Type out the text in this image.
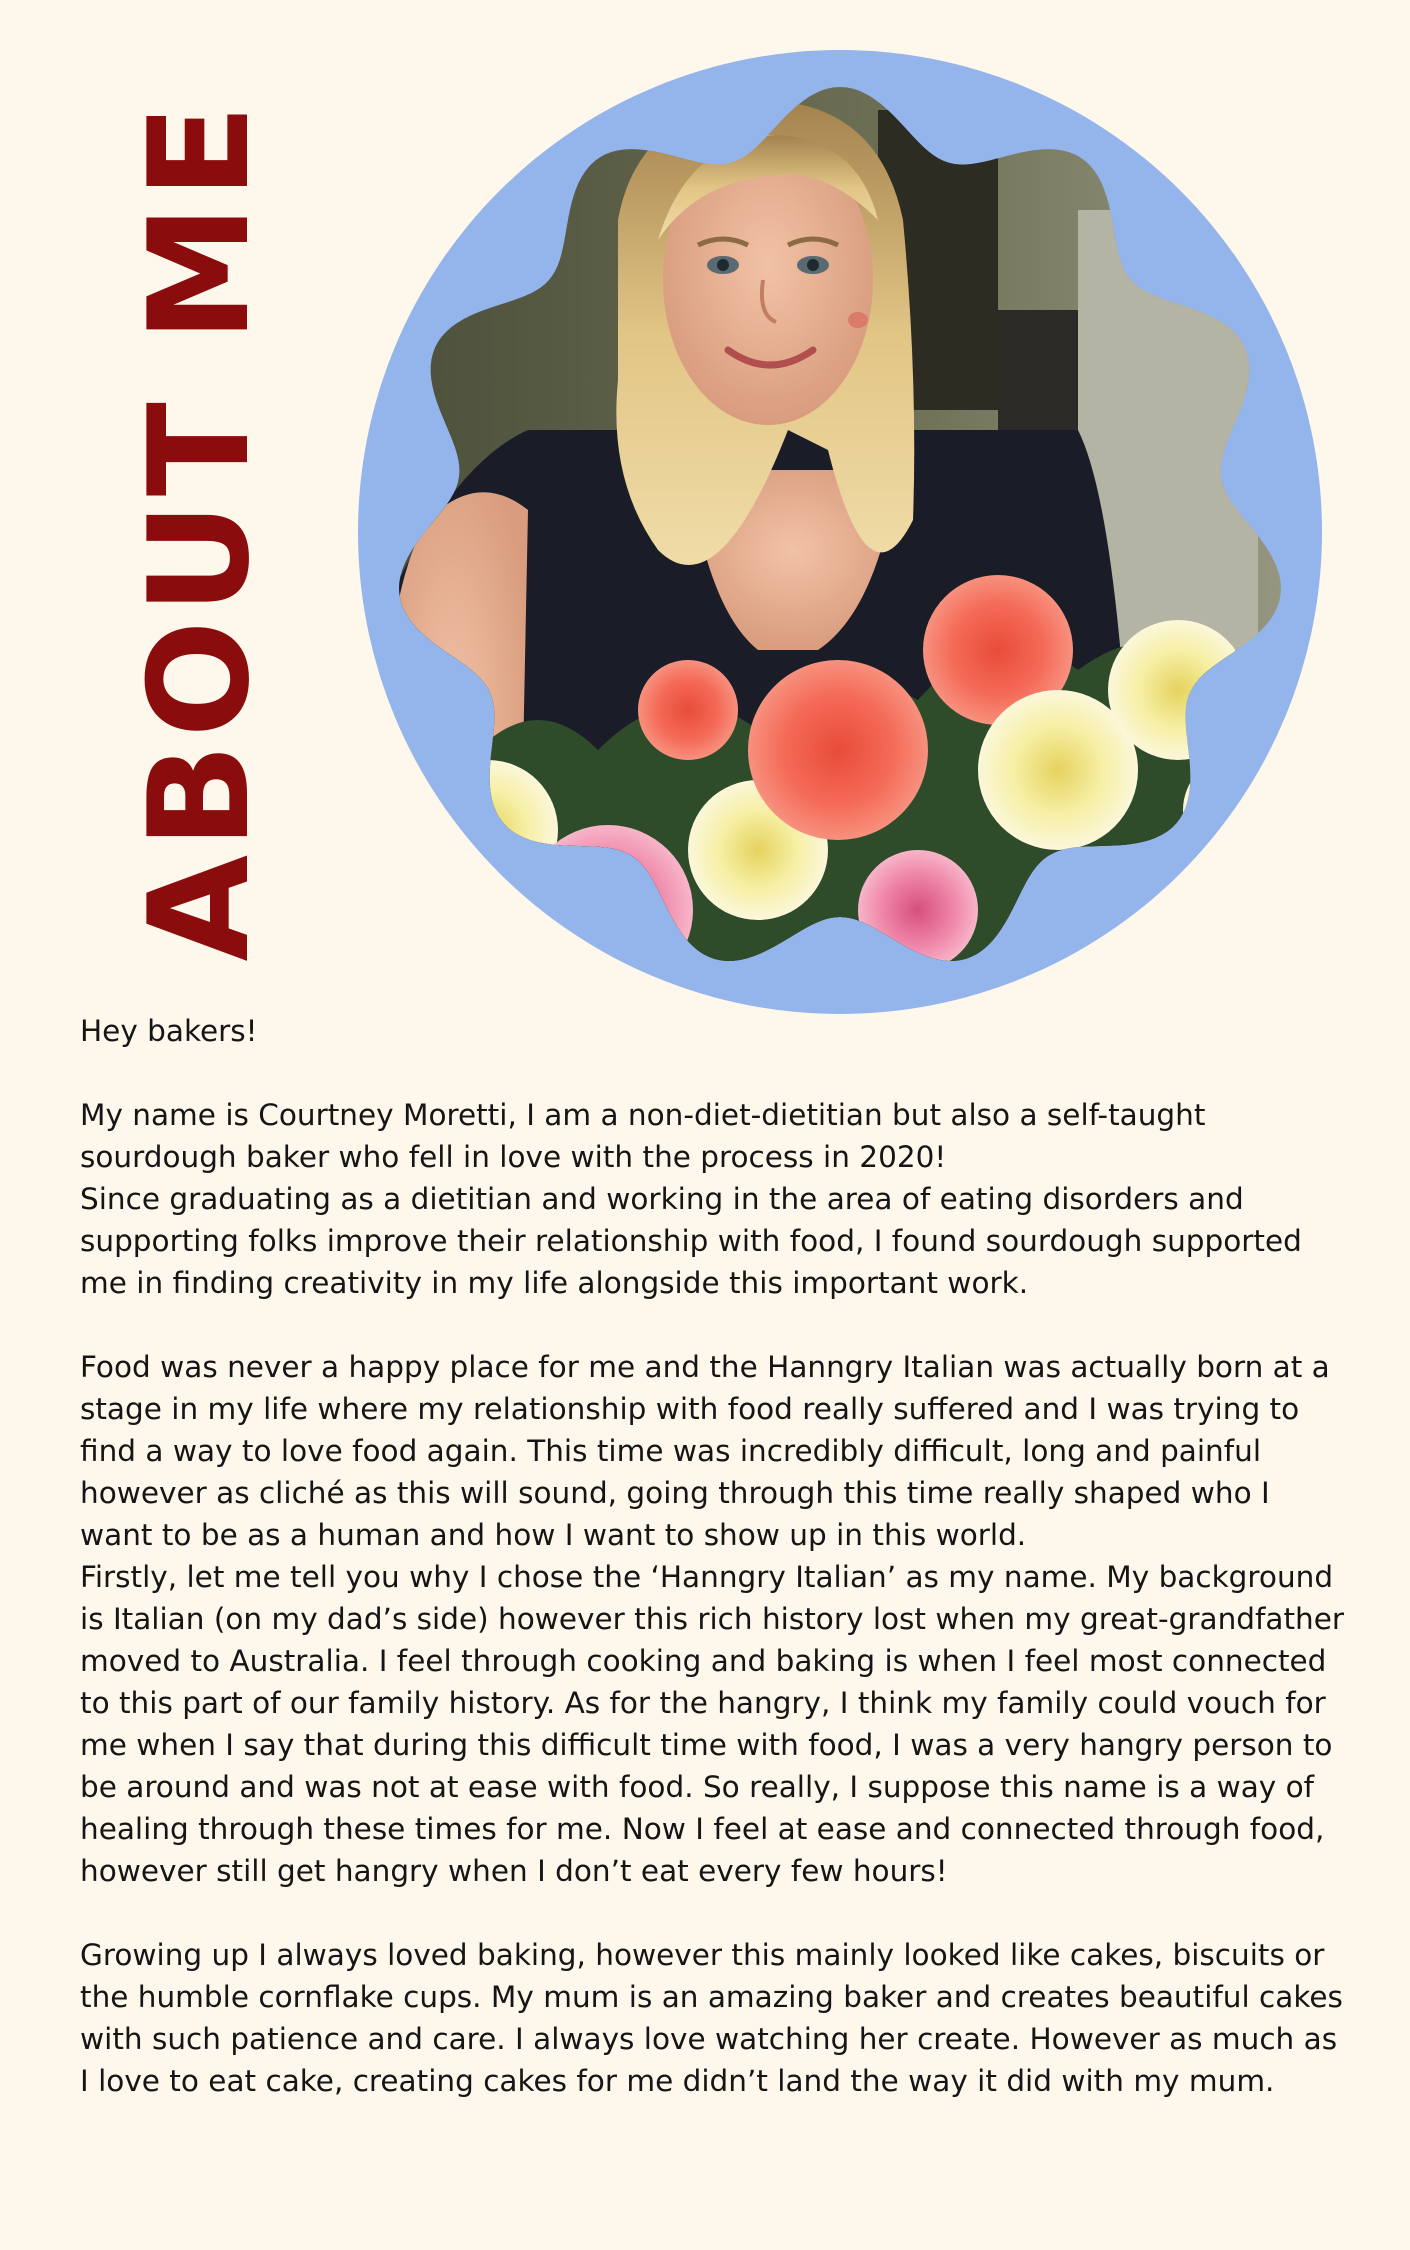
ABOUT ME

Hey bakers!

My name is Courtney Moretti, I am a non-diet-dietitian but also a self-taught sourdough baker who fell in love with the process in 2020!

Since graduating as a dietitian and working in the area of eating disorders and supporting folks improve their relationship with food, I found sourdough supported me in finding creativity in my life alongside this important work.

Food was never a happy place for me and the Hanngry Italian was actually born at a stage in my life where my relationship with food really suffered and I was trying to find a way to love food again. This time was incredibly difficult, long and painful however as cliché as this will sound, going through this time really shaped who I want to be as a human and how I want to show up in this world.

Firstly, let me tell you why I chose the ‘Hanngry Italian’ as my name. My background is Italian (on my dad’s side) however this rich history lost when my great-grandfather moved to Australia. I feel through cooking and baking is when I feel most connected to this part of our family history. As for the hangry, I think my family could vouch for me when I say that during this difficult time with food, I was a very hangry person to be around and was not at ease with food. So really, I suppose this name is a way of healing through these times for me. Now I feel at ease and connected through food, however still get hangry when I don’t eat every few hours!

Growing up I always loved baking, however this mainly looked like cakes, biscuits or the humble cornflake cups. My mum is an amazing baker and creates beautiful cakes with such patience and care. I always love watching her create. However as much as I love to eat cake, creating cakes for me didn’t land the way it did with my mum.
